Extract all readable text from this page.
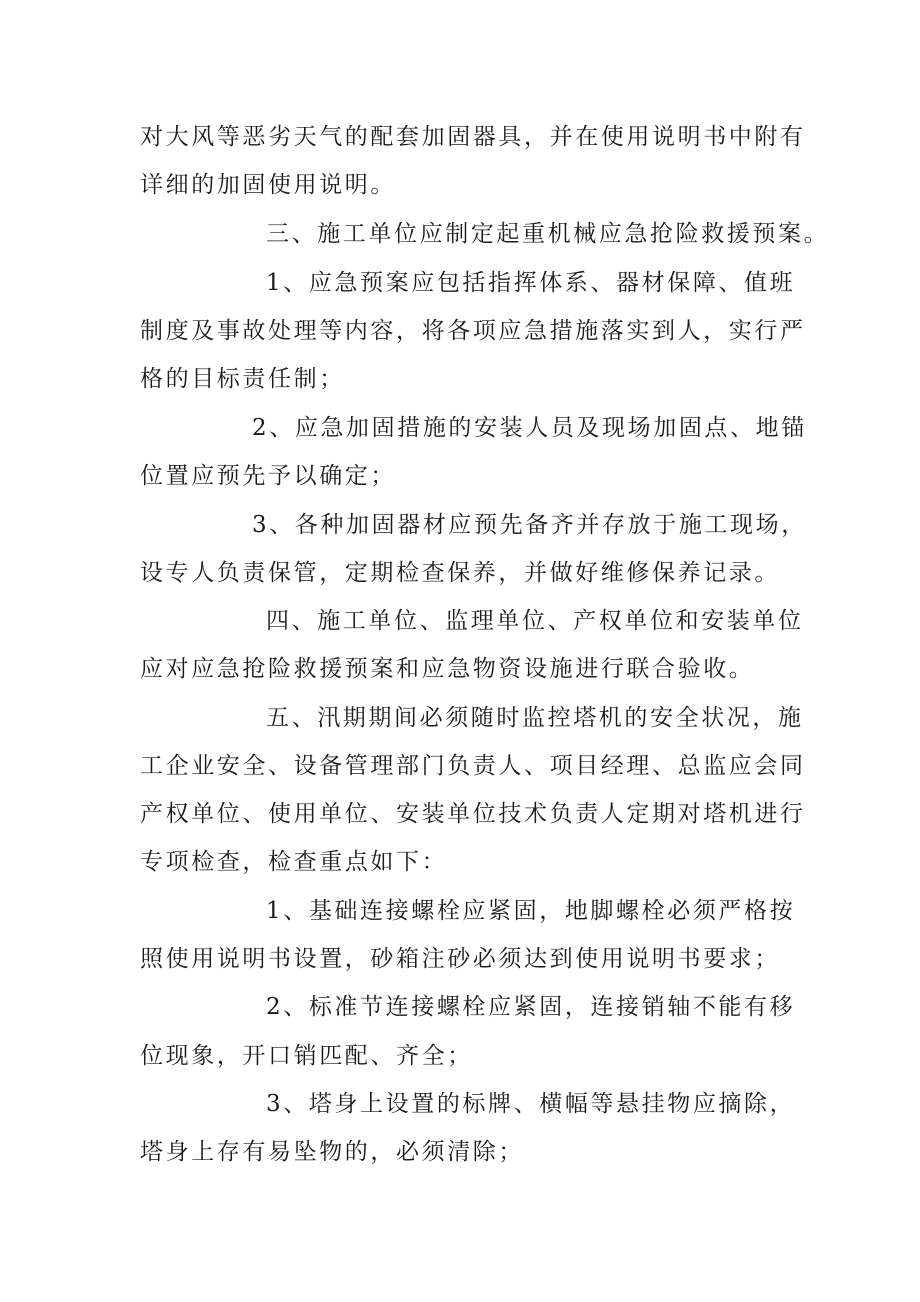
对大风等恶劣天气的配套加固器具，并在使用说明书中附有
详细的加固使用说明。
三、施工单位应制定起重机械应急抢险救援预案。
1、应急预案应包括指挥体系、器材保障、值班
制度及事故处理等内容，将各项应急措施落实到人，实行严
格的目标责任制；
2、应急加固措施的安装人员及现场加固点、地锚
位置应预先予以确定；
3、各种加固器材应预先备齐并存放于施工现场，
设专人负责保管，定期检查保养，并做好维修保养记录。
四、施工单位、监理单位、产权单位和安装单位
应对应急抢险救援预案和应急物资设施进行联合验收。
五、汛期期间必须随时监控塔机的安全状况，施
工企业安全、设备管理部门负责人、项目经理、总监应会同
产权单位、使用单位、安装单位技术负责人定期对塔机进行
专项检查，检查重点如下：
1、基础连接螺栓应紧固，地脚螺栓必须严格按
照使用说明书设置，砂箱注砂必须达到使用说明书要求；
2、标准节连接螺栓应紧固，连接销轴不能有移
位现象，开口销匹配、齐全；
3、塔身上设置的标牌、横幅等悬挂物应摘除，
塔身上存有易坠物的，必须清除；
